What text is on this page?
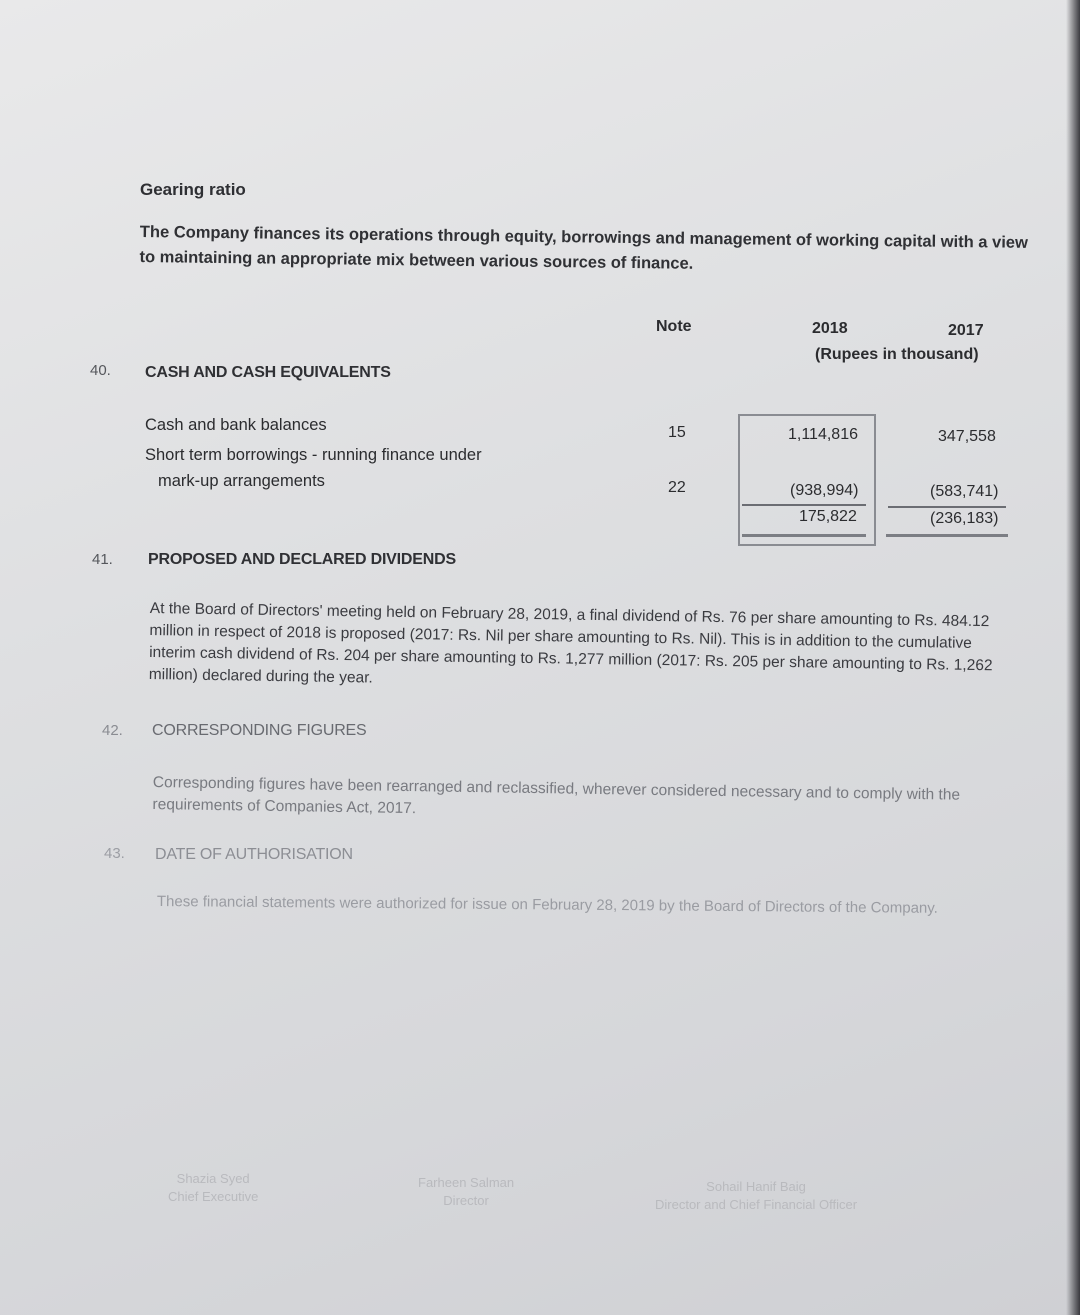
Gearing ratio
The Company finances its operations through equity, borrowings and management of working capital with a view to maintaining an appropriate mix between various sources of finance.
Note	2018	2017
(Rupees in thousand)
40. CASH AND CASH EQUIVALENTS
Cash and bank balances
Short term borrowings - running finance under
mark-up arrangements
15
22
1,114,816
(938,994)
175,822
347,558
(583,741)
(236,183)
41. PROPOSED AND DECLARED DIVIDENDS
At the Board of Directors' meeting held on February 28, 2019, a final dividend of Rs. 76 per share amounting to Rs. 484.12 million in respect of 2018 is proposed (2017: Rs. Nil per share amounting to Rs. Nil). This is in addition to the cumulative interim cash dividend of Rs. 204 per share amounting to Rs. 1,277 million (2017: Rs. 205 per share amounting to Rs. 1,262 million) declared during the year.
42. CORRESPONDING FIGURES
Corresponding figures have been rearranged and reclassified, wherever considered necessary and to comply with the requirements of Companies Act, 2017.
43. DATE OF AUTHORISATION
These financial statements were authorized for issue on February 28, 2019 by the Board of Directors of the Company.
Shazia Syed
Chief Executive
Farheen Salman
Director
Sohail Hanif Baig
Director and Chief Financial Officer
